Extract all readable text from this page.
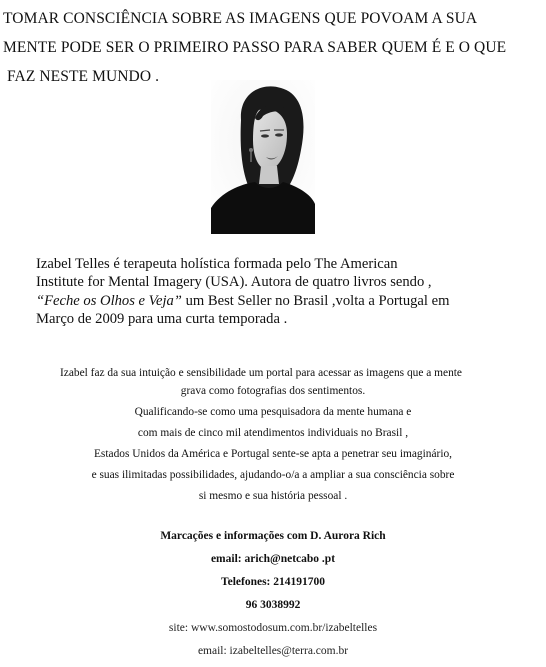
TOMAR CONSCIÊNCIA SOBRE AS IMAGENS QUE POVOAM A SUA
MENTE PODE SER O PRIMEIRO PASSO PARA SABER QUEM É E O QUE
FAZ NESTE MUNDO .
Izabel Telles é terapeuta holística formada pelo The American
Institute for Mental Imagery (USA). Autora de quatro livros sendo ,
“Feche os Olhos e Veja” um Best Seller no Brasil ,volta a Portugal em
Março de 2009 para uma curta temporada .
Izabel faz da sua intuição e sensibilidade um portal para acessar as imagens que a mente
grava como fotografias dos sentimentos.
Qualificando-se como uma pesquisadora da mente humana e
com mais de cinco mil atendimentos individuais no Brasil ,
Estados Unidos da América e Portugal sente-se apta a penetrar seu imaginário,
e suas ilimitadas possibilidades, ajudando-o/a a ampliar a sua consciência sobre
si mesmo e sua história pessoal .
Marcações e informações com D. Aurora Rich
email: arich@netcabo .pt
Telefones: 214191700
96 3038992
site: www.somostodosum.com.br/izabeltelles
email: izabeltelles@terra.com.br
